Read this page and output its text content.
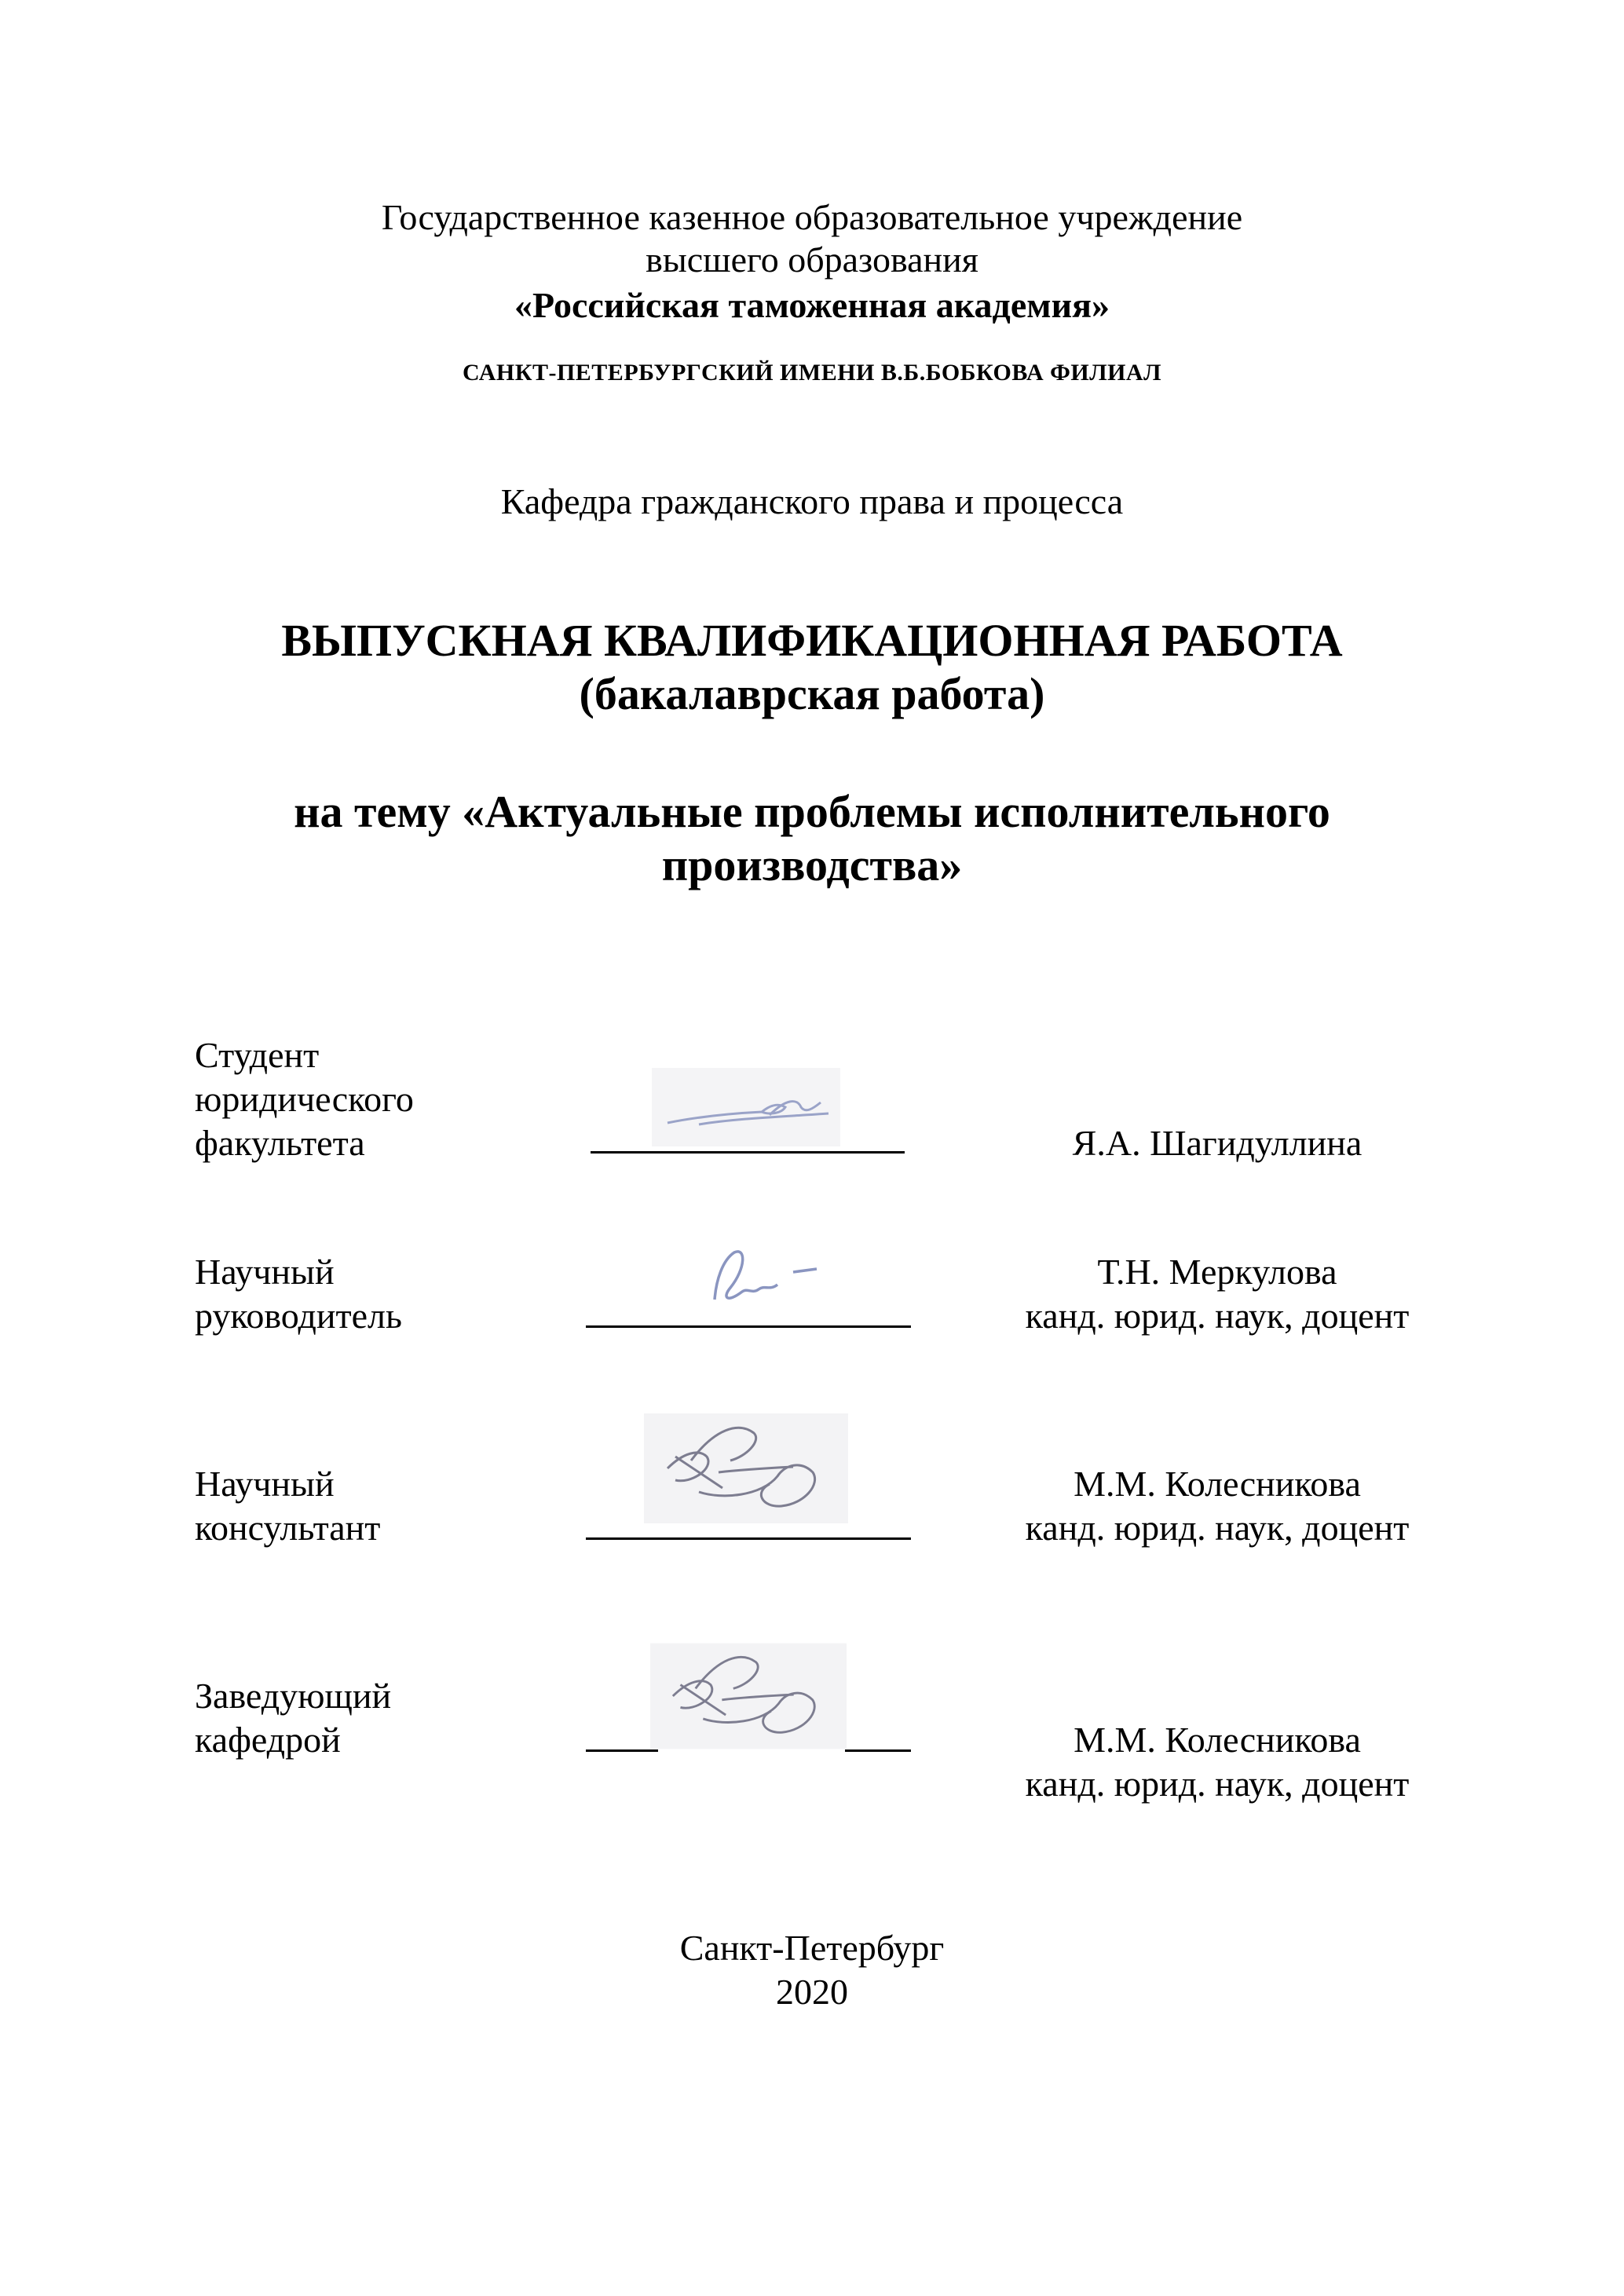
Государственное казенное образовательное учреждение
высшего образования
«Российская таможенная академия»
САНКТ-ПЕТЕРБУРГСКИЙ ИМЕНИ В.Б.БОБКОВА ФИЛИАЛ
Кафедра гражданского права и процесса
ВЫПУСКНАЯ КВАЛИФИКАЦИОННАЯ РАБОТА
(бакалаврская работа)
на тему «Актуальные проблемы исполнительного
производства»
Студент
юридического
факультета	Я.А. Шагидуллина
Научный
руководитель
Т.Н. Меркулова
канд. юрид. наук, доцент
Научный
консультант
М.М. Колесникова
канд. юрид. наук, доцент
Заведующий
кафедрой	М.М. Колесникова
канд. юрид. наук, доцент
Санкт-Петербург
2020
